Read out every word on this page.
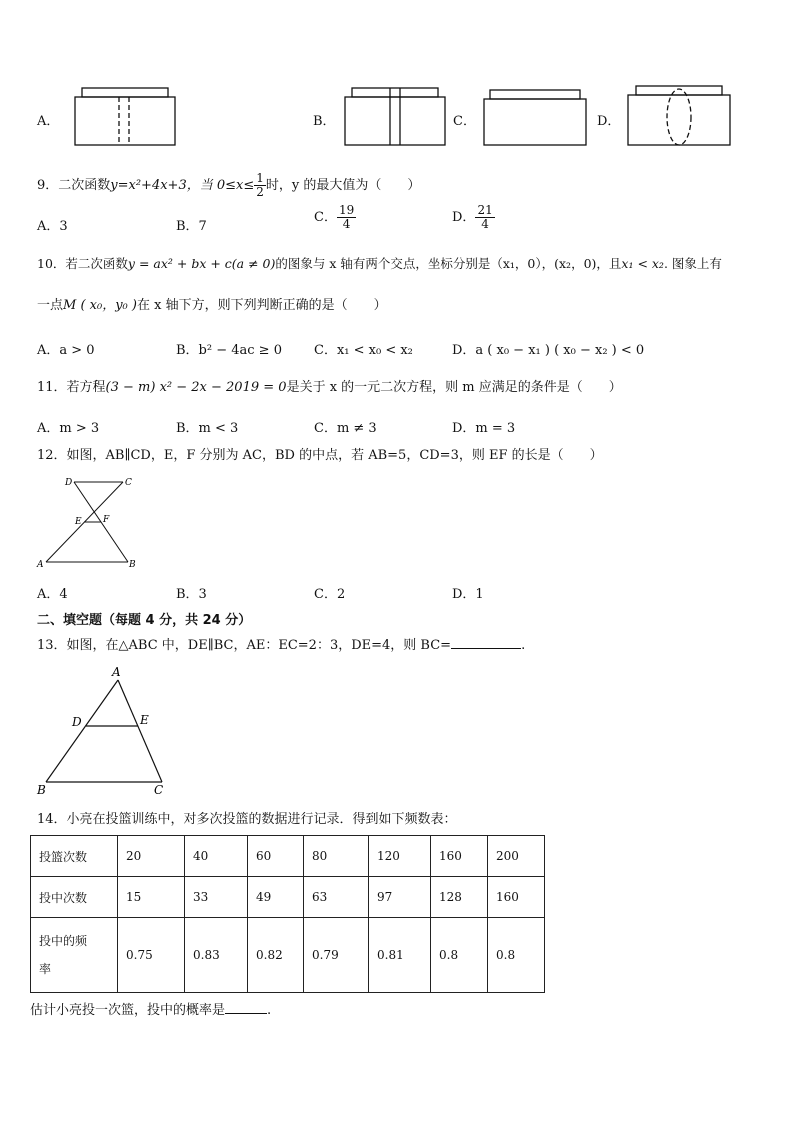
A．	B．	C．	D．
9．二次函数y=x²+4x+3，当 $0\le x\le \frac{1}{2}$ 时，y 的最大值为（　　）
A．3	B．7
C． $\frac{19}{4}$	D． $\frac{21}{4}$
10．若二次函数y = ax² + bx + c(a ≠ 0)的图象与 x 轴有两个交点，坐标分别是（x₁，0），(x₂，0)，且x₁ < x₂. 图象上有
一点M ( x₀，y₀ )在 x 轴下方，则下列判断正确的是（　　）
A．a > 0	B．b² − 4ac ≥ 0 C．x₁ < x₀ < x₂	D．a ( x₀ − x₁ ) ( x₀ − x₂ ) < 0
11．若方程(3 − m) x² − 2x − 2019 = 0是关于 x 的一元二次方程，则 m 应满足的条件是（　　）
A．m > 3	B．m < 3	C．m ≠ 3	D．m = 3
12．如图，AB∥CD，E，F 分别为 AC，BD 的中点，若 AB=5，CD=3，则 EF 的长是（　　）
D	C
E F
A	B
A．4	B．3	C．2	D．1
二、填空题（每题 4 分，共 24 分）
13．如图，在△ABC 中，DE∥BC，AE：EC=2：3，DE=4，则 BC=	.
A
D	E
B	C
14．小亮在投篮训练中，对多次投篮的数据进行记录．得到如下频数表：
投篮次数	20	40	60	80	120	160	200
投中次数	15	33	49	63	97	128	160

投中的频
率	0.75	0.83	0.82	0.79	0.81	0.8	0.8
估计小亮投一次篮，投中的概率是	.
